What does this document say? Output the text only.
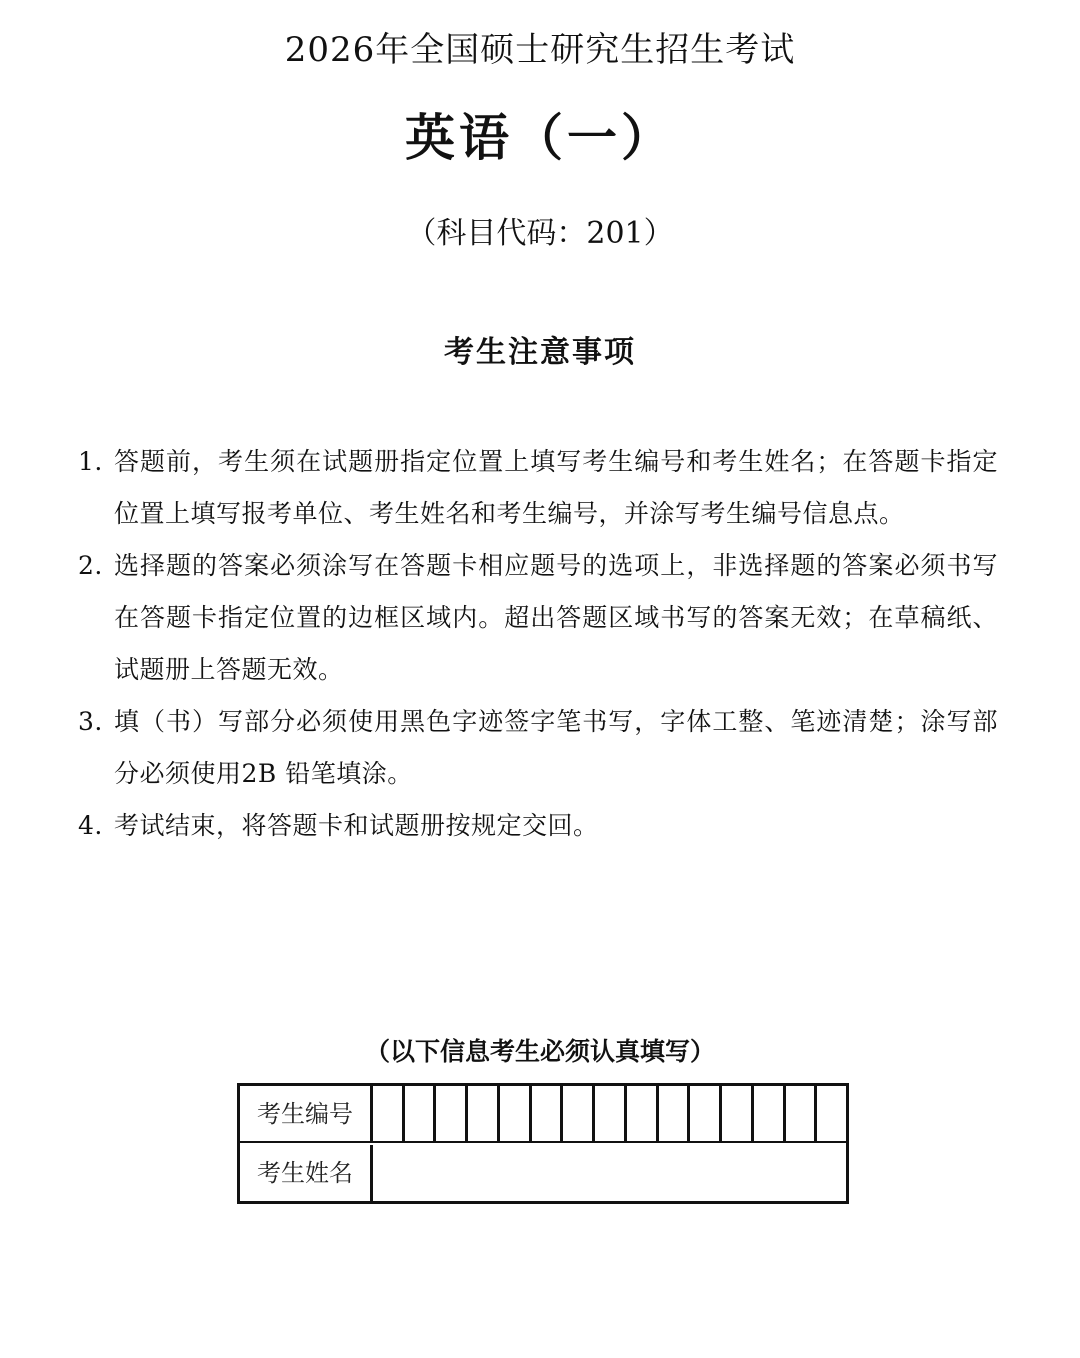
2026年全国硕士研究生招生考试
英语（一）
（科目代码：201）
考生注意事项
1. 答题前，考生须在试题册指定位置上填写考生编号和考生姓名；在答题卡指定位置上填写报考单位、考生姓名和考生编号，并涂写考生编号信息点。
2. 选择题的答案必须涂写在答题卡相应题号的选项上，非选择题的答案必须书写在答题卡指定位置的边框区域内。超出答题区域书写的答案无效；在草稿纸、试题册上答题无效。
3. 填（书）写部分必须使用黑色字迹签字笔书写，字体工整、笔迹清楚；涂写部分必须使用2B 铅笔填涂。
4. 考试结束，将答题卡和试题册按规定交回。
（以下信息考生必须认真填写）
考生编号
考生姓名
